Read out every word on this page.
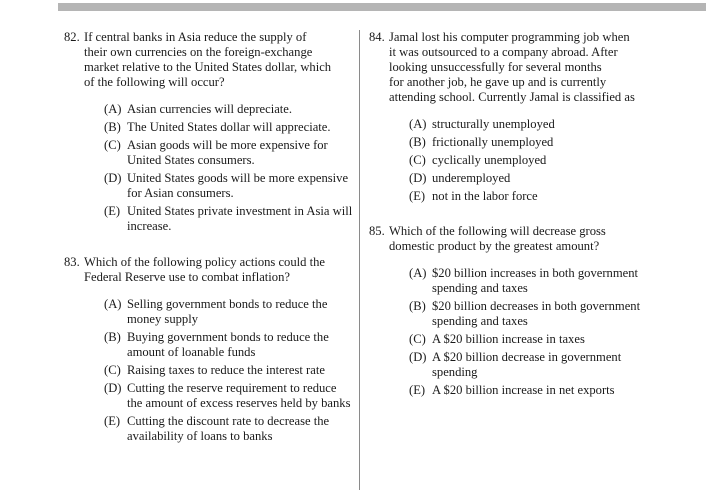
82. If central banks in Asia reduce the supply of
their own currencies on the foreign-exchange
market relative to the United States dollar, which
of the following will occur?
(A) Asian currencies will depreciate.
(B) The United States dollar will appreciate.
(C) Asian goods will be more expensive for
United States consumers.
(D) United States goods will be more expensive
for Asian consumers.
(E) United States private investment in Asia will
increase.
83. Which of the following policy actions could the
Federal Reserve use to combat inflation?
(A) Selling government bonds to reduce the
money supply
(B) Buying government bonds to reduce the
amount of loanable funds
(C) Raising taxes to reduce the interest rate
(D) Cutting the reserve requirement to reduce
the amount of excess reserves held by banks
(E) Cutting the discount rate to decrease the
availability of loans to banks
84. Jamal lost his computer programming job when
it was outsourced to a company abroad. After
looking unsuccessfully for several months
for another job, he gave up and is currently
attending school. Currently Jamal is classified as
(A) structurally unemployed
(B) frictionally unemployed
(C) cyclically unemployed
(D) underemployed
(E) not in the labor force
85. Which of the following will decrease gross
domestic product by the greatest amount?
(A) $20 billion increases in both government
spending and taxes
(B) $20 billion decreases in both government
spending and taxes
(C) A $20 billion increase in taxes
(D) A $20 billion decrease in government
spending
(E) A $20 billion increase in net exports
